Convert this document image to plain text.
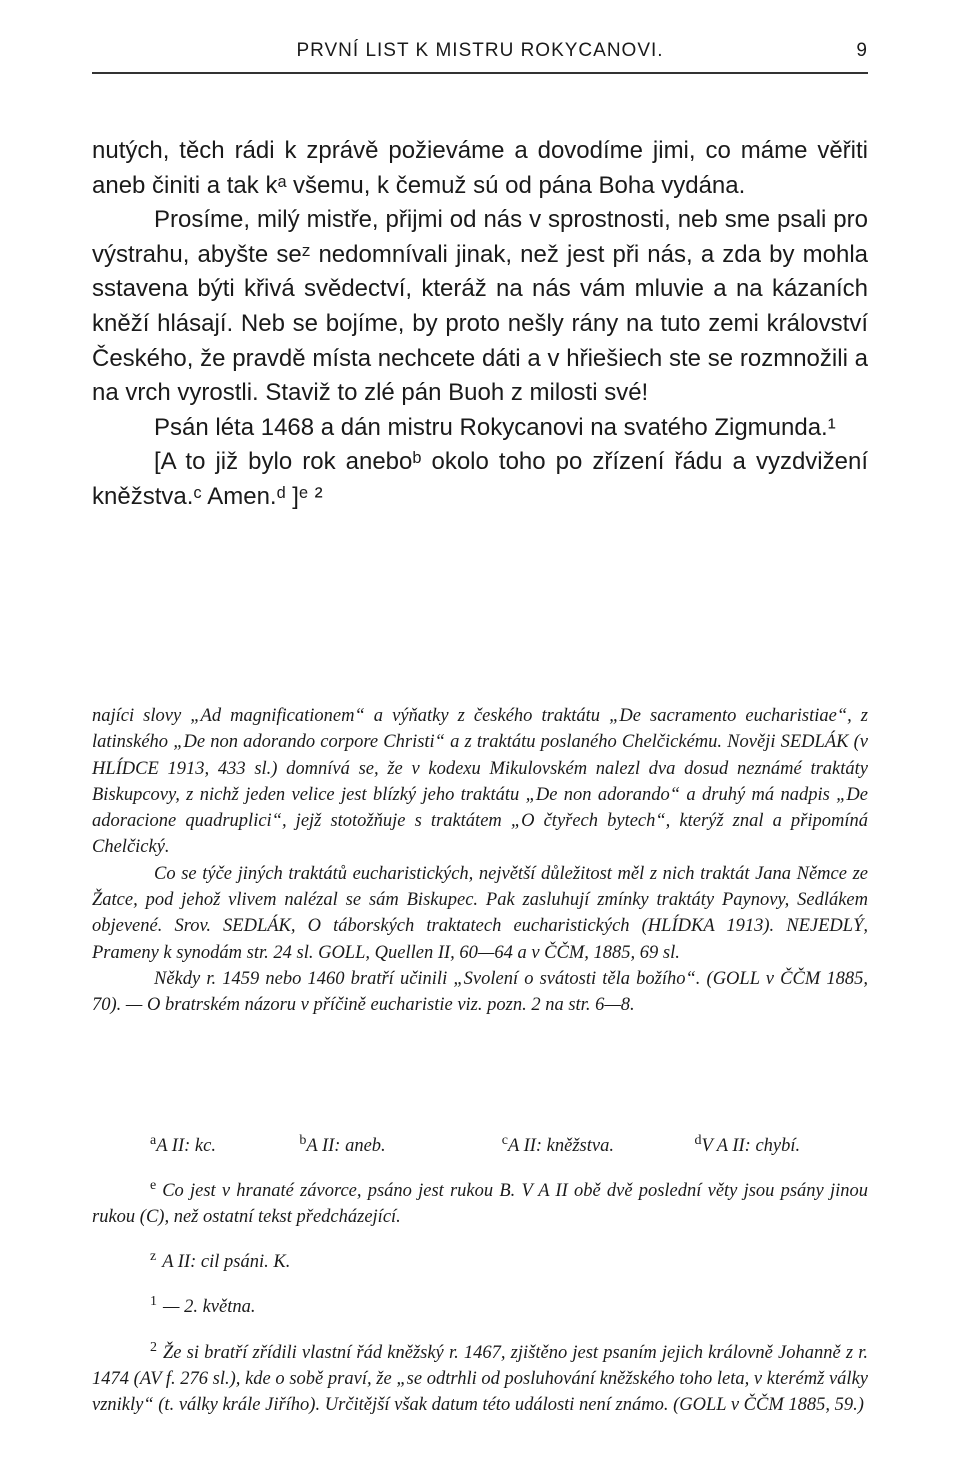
PRVNÍ LIST K MISTRU ROKYCANOVI.	9

nutých, těch rádi k zprávě požieváme a dovodíme jimi, co máme věřiti aneb činiti a tak kᵃ všemu, k čemuž sú od pána Boha vydána.

Prosíme, milý mistře, přijmi od nás v sprostnosti, neb sme psali pro výstrahu, abyšte seᶻ nedomnívali jinak, než jest při nás, a zda by mohla sstavena býti křivá svědectví, kteráž na nás vám mluvie a na kázaních kněží hlásají. Neb se bojíme, by proto nešly rány na tuto zemi království Českého, že pravdě místa nechcete dáti a v hřiešiech ste se rozmnožili a na vrch vyrostli. Staviž to zlé pán Buoh z milosti své!

Psán léta 1468 a dán mistru Rokycanovi na svatého Zigmunda.¹

[A to již bylo rok aneboᵇ okolo toho po zřízení řádu a vyzdvižení kněžstva.ᶜ Amen.ᵈ ]ᵉ ²

najíci slovy „Ad magnificationem“ a výňatky z českého traktátu „De sacramento eucharistiae“, z latinského „De non adorando corpore Christi“ a z traktátu poslaného Chelčickému. Nověji SEDLÁK (v HLÍDCE 1913, 433 sl.) domnívá se, že v kodexu Mikulovském nalezl dva dosud neznámé traktáty Biskupcovy, z nichž jeden velice jest blízký jeho traktátu „De non adorando“ a druhý má nadpis „De adoracione quadruplici“, jejž stotožňuje s traktátem „O čtyřech bytech“, kterýž znal a připomíná Chelčický.

Co se týče jiných traktátů eucharistických, největší důležitost měl z nich traktát Jana Němce ze Žatce, pod jehož vlivem nalézal se sám Biskupec. Pak zasluhují zmínky traktáty Paynovy, Sedlákem objevené. Srov. SEDLÁK, O táborských traktatech eucharistických (HLÍDKA 1913). NEJEDLÝ, Prameny k synodám str. 24 sl. GOLL, Quellen II, 60—64 a v ČČM, 1885, 69 sl.

Někdy r. 1459 nebo 1460 bratří učinili „Svolení o svátosti těla božího“. (GOLL v ČČM 1885, 70). — O bratrském názoru v příčině eucharistie viz. pozn. 2 na str. 6—8.

$^a$A II: kc.	$^b$A II: aneb.	$^c$A II: kněžstva.	$^d$V A II: chybí.

$^e$ Co jest v hranaté závorce, psáno jest rukou B. V A II obě dvě poslední věty jsou psány jinou rukou (C), než ostatní tekst předcházející.

$^z$ A II: cil psáni. K.

$^1$ — 2. května.

$^2$ Že si bratří zřídili vlastní řád kněžský r. 1467, zjištěno jest psaním jejich královně Johanně z r. 1474 (AV f. 276 sl.), kde o sobě praví, že „se odtrhli od posluhování kněžského toho leta, v kterémž války vznikly“ (t. války krále Jiřího). Určitější však datum této události není známo. (GOLL v ČČM 1885, 59.)
